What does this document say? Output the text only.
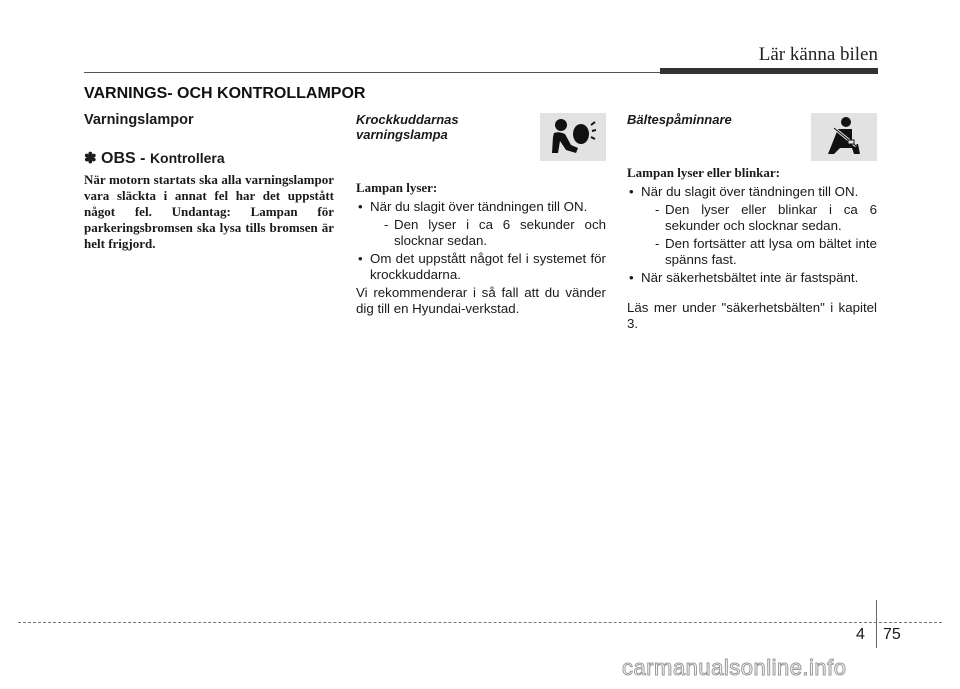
Lär känna bilen
VARNINGS- OCH KONTROLLAMPOR

Varningslampor

✽ OBS - Kontrollera

När motorn startats ska alla varningslampor vara släckta i annat fel har det uppstått något fel. Undantag: Lampan för parkeringsbromsen ska lysa tills bromsen är helt frigjord.

Krockkuddarnas

varningslampa

Lampan lyser:

• När du slagit över tändningen till ON.
- Den lyser i ca 6 sekunder och slocknar sedan.
• Om det uppstått något fel i systemet för krockkuddarna.

Vi rekommenderar i så fall att du vänder dig till en Hyundai-verkstad.

Bältespåminnare

Lampan lyser eller blinkar:

• När du slagit över tändningen till ON.
- Den lyser eller blinkar i ca 6 sekunder och slocknar sedan.
- Den fortsätter att lysa om bältet inte spänns fast.
• När säkerhetsbältet inte är fastspänt.

Läs mer under "säkerhetsbälten" i kapitel 3.

4 75
carmanualsonline.info
